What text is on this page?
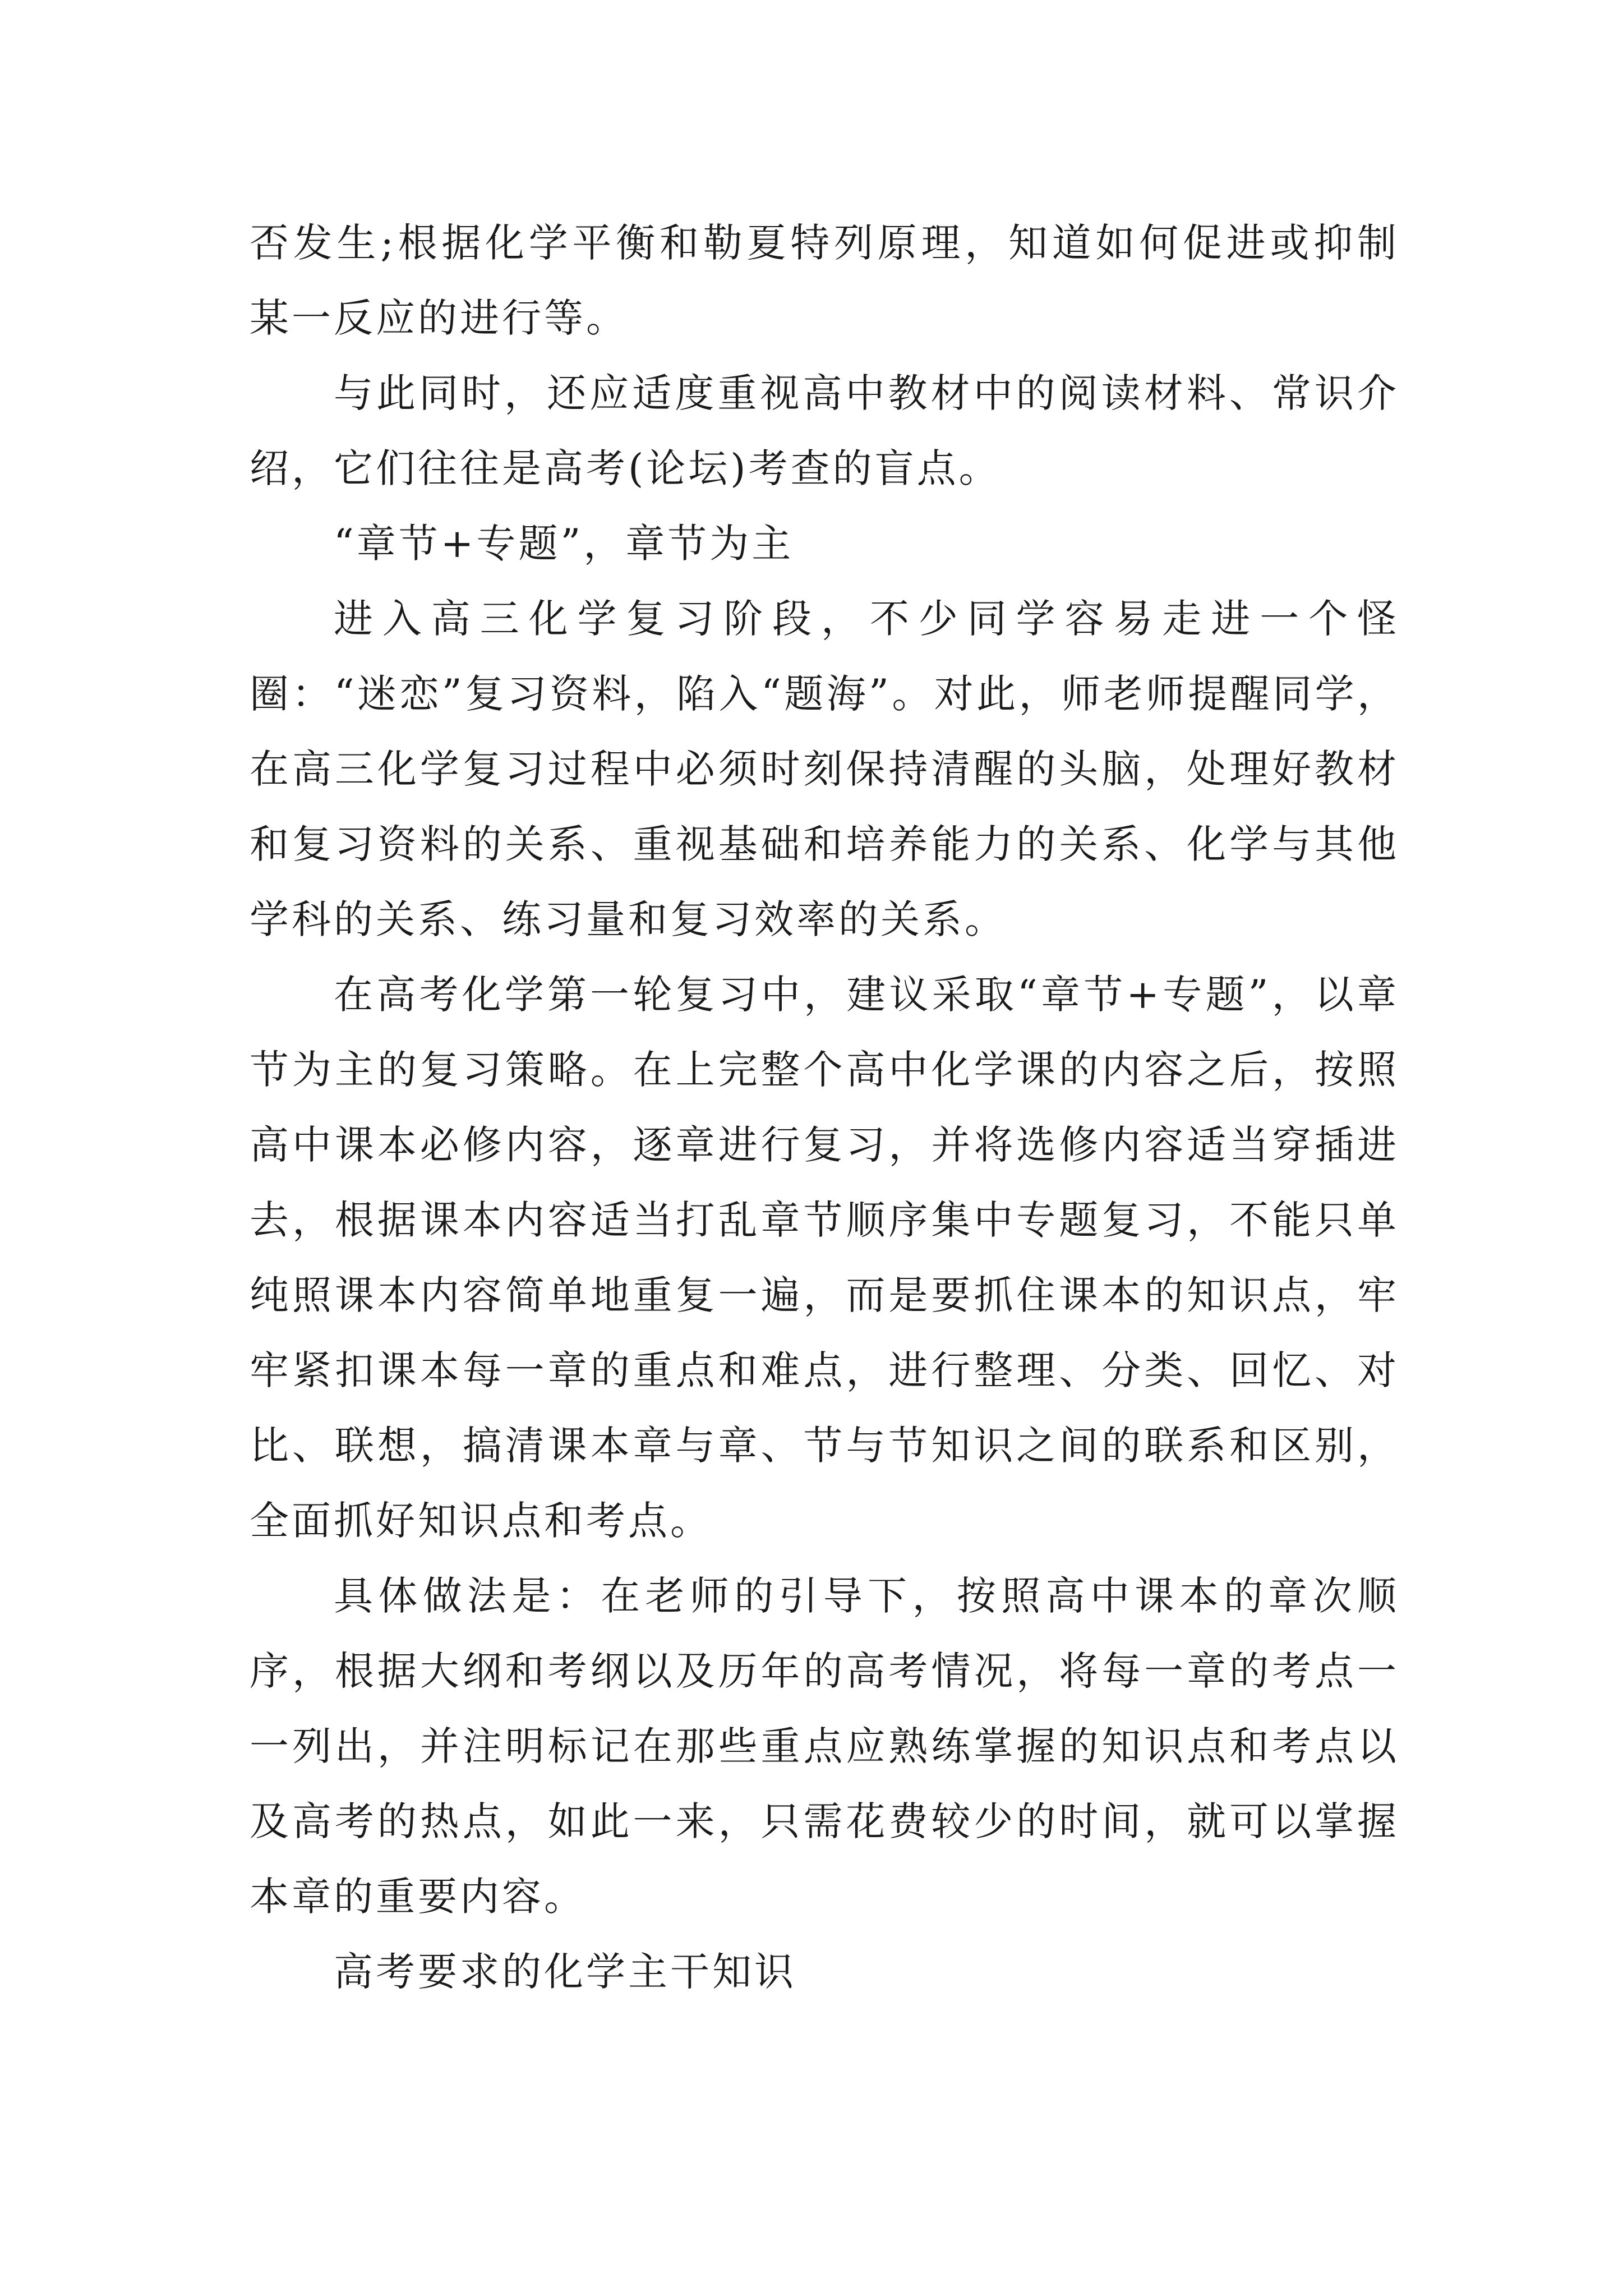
否发生;根据化学平衡和勒夏特列原理，知道如何促进或抑制某一反应的进行等。

与此同时，还应适度重视高中教材中的阅读材料、常识介绍，它们往往是高考(论坛)考查的盲点。

“章节+专题”，章节为主

进入高三化学复习阶段，不少同学容易走进一个怪圈：“迷恋”复习资料，陷入“题海”。对此，师老师提醒同学，在高三化学复习过程中必须时刻保持清醒的头脑，处理好教材和复习资料的关系、重视基础和培养能力的关系、化学与其他学科的关系、练习量和复习效率的关系。

在高考化学第一轮复习中，建议采取“章节+专题”，以章节为主的复习策略。在上完整个高中化学课的内容之后，按照高中课本必修内容，逐章进行复习，并将选修内容适当穿插进去，根据课本内容适当打乱章节顺序集中专题复习，不能只单纯照课本内容简单地重复一遍，而是要抓住课本的知识点，牢牢紧扣课本每一章的重点和难点，进行整理、分类、回忆、对比、联想，搞清课本章与章、节与节知识之间的联系和区别，全面抓好知识点和考点。

具体做法是：在老师的引导下，按照高中课本的章次顺序，根据大纲和考纲以及历年的高考情况，将每一章的考点一一列出，并注明标记在那些重点应熟练掌握的知识点和考点以及高考的热点，如此一来，只需花费较少的时间，就可以掌握本章的重要内容。

高考要求的化学主干知识
